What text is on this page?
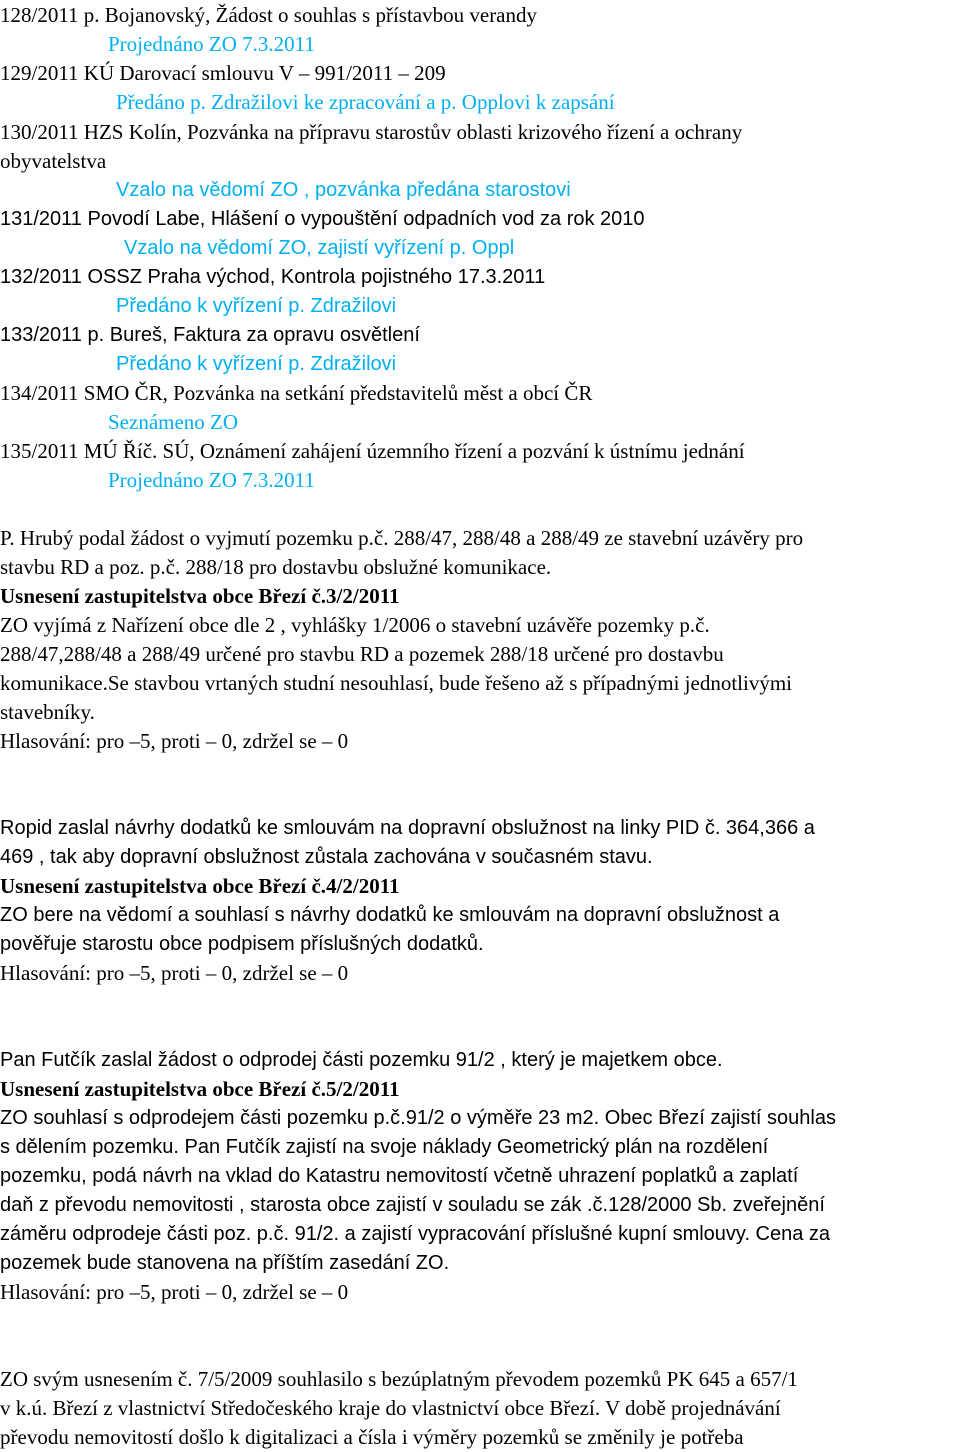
128/2011 p. Bojanovský, Žádost o souhlas s přístavbou verandy

Projednáno ZO 7.3.2011

129/2011 KÚ Darovací smlouvu V – 991/2011 – 209

Předáno p. Zdražilovi ke zpracování a p. Opplovi k zapsání

130/2011 HZS Kolín, Pozvánka na přípravu starostův oblasti krizového řízení a ochrany

obyvatelstva

Vzalo na vědomí ZO , pozvánka předána starostovi

131/2011 Povodí Labe, Hlášení o vypouštění odpadních vod za rok 2010

Vzalo na vědomí ZO, zajistí vyřízení p. Oppl

132/2011 OSSZ Praha východ, Kontrola pojistného 17.3.2011

Předáno k vyřízení p. Zdražilovi

133/2011 p. Bureš, Faktura za opravu osvětlení

Předáno k vyřízení p. Zdražilovi

134/2011 SMO ČR, Pozvánka na setkání představitelů měst a obcí ČR

Seznámeno ZO

135/2011 MÚ Říč. SÚ, Oznámení zahájení územního řízení a pozvání k ústnímu jednání

Projednáno ZO 7.3.2011

P. Hrubý podal žádost o vyjmutí pozemku p.č. 288/47, 288/48 a 288/49 ze stavební uzávěry pro

stavbu RD a poz. p.č. 288/18 pro dostavbu obslužné komunikace.

Usnesení zastupitelstva obce Březí č.3/2/2011

ZO vyjímá z Nařízení obce dle 2 , vyhlášky 1/2006 o stavební uzávěře pozemky p.č.

288/47,288/48 a 288/49 určené pro stavbu RD a pozemek 288/18 určené pro dostavbu

komunikace.Se stavbou vrtaných studní nesouhlasí, bude řešeno až s případnými jednotlivými

stavebníky.

Hlasování: pro –5, proti – 0, zdržel se – 0

Ropid zaslal návrhy dodatků ke smlouvám na dopravní obslužnost na linky PID č. 364,366 a

469 , tak aby dopravní obslužnost zůstala zachována v současném stavu.

Usnesení zastupitelstva obce Březí č.4/2/2011

ZO bere na vědomí a souhlasí s návrhy dodatků ke smlouvám na dopravní obslužnost a

pověřuje starostu obce podpisem příslušných dodatků.

Hlasování: pro –5, proti – 0, zdržel se – 0

Pan Futčík zaslal žádost o odprodej části pozemku 91/2 , který je majetkem obce.

Usnesení zastupitelstva obce Březí č.5/2/2011

ZO souhlasí s odprodejem části pozemku p.č.91/2 o výměře 23 m2. Obec Březí zajistí souhlas

s dělením pozemku. Pan Futčík zajistí na svoje náklady Geometrický plán na rozdělení

pozemku, podá návrh na vklad do Katastru nemovitostí včetně uhrazení poplatků a zaplatí

daň z převodu nemovitosti , starosta obce zajistí v souladu se zák .č.128/2000 Sb. zveřejnění

záměru odprodeje části poz. p.č. 91/2. a zajistí vypracování příslušné kupní smlouvy. Cena za

pozemek bude stanovena na příštím zasedání ZO.

Hlasování: pro –5, proti – 0, zdržel se – 0

ZO svým usnesením č. 7/5/2009 souhlasilo s bezúplatným převodem pozemků PK 645 a 657/1

v k.ú. Březí z vlastnictví Středočeského kraje do vlastnictví obce Březí. V době projednávání

převodu nemovitostí došlo k digitalizaci a čísla i výměry pozemků se změnily je potřeba
